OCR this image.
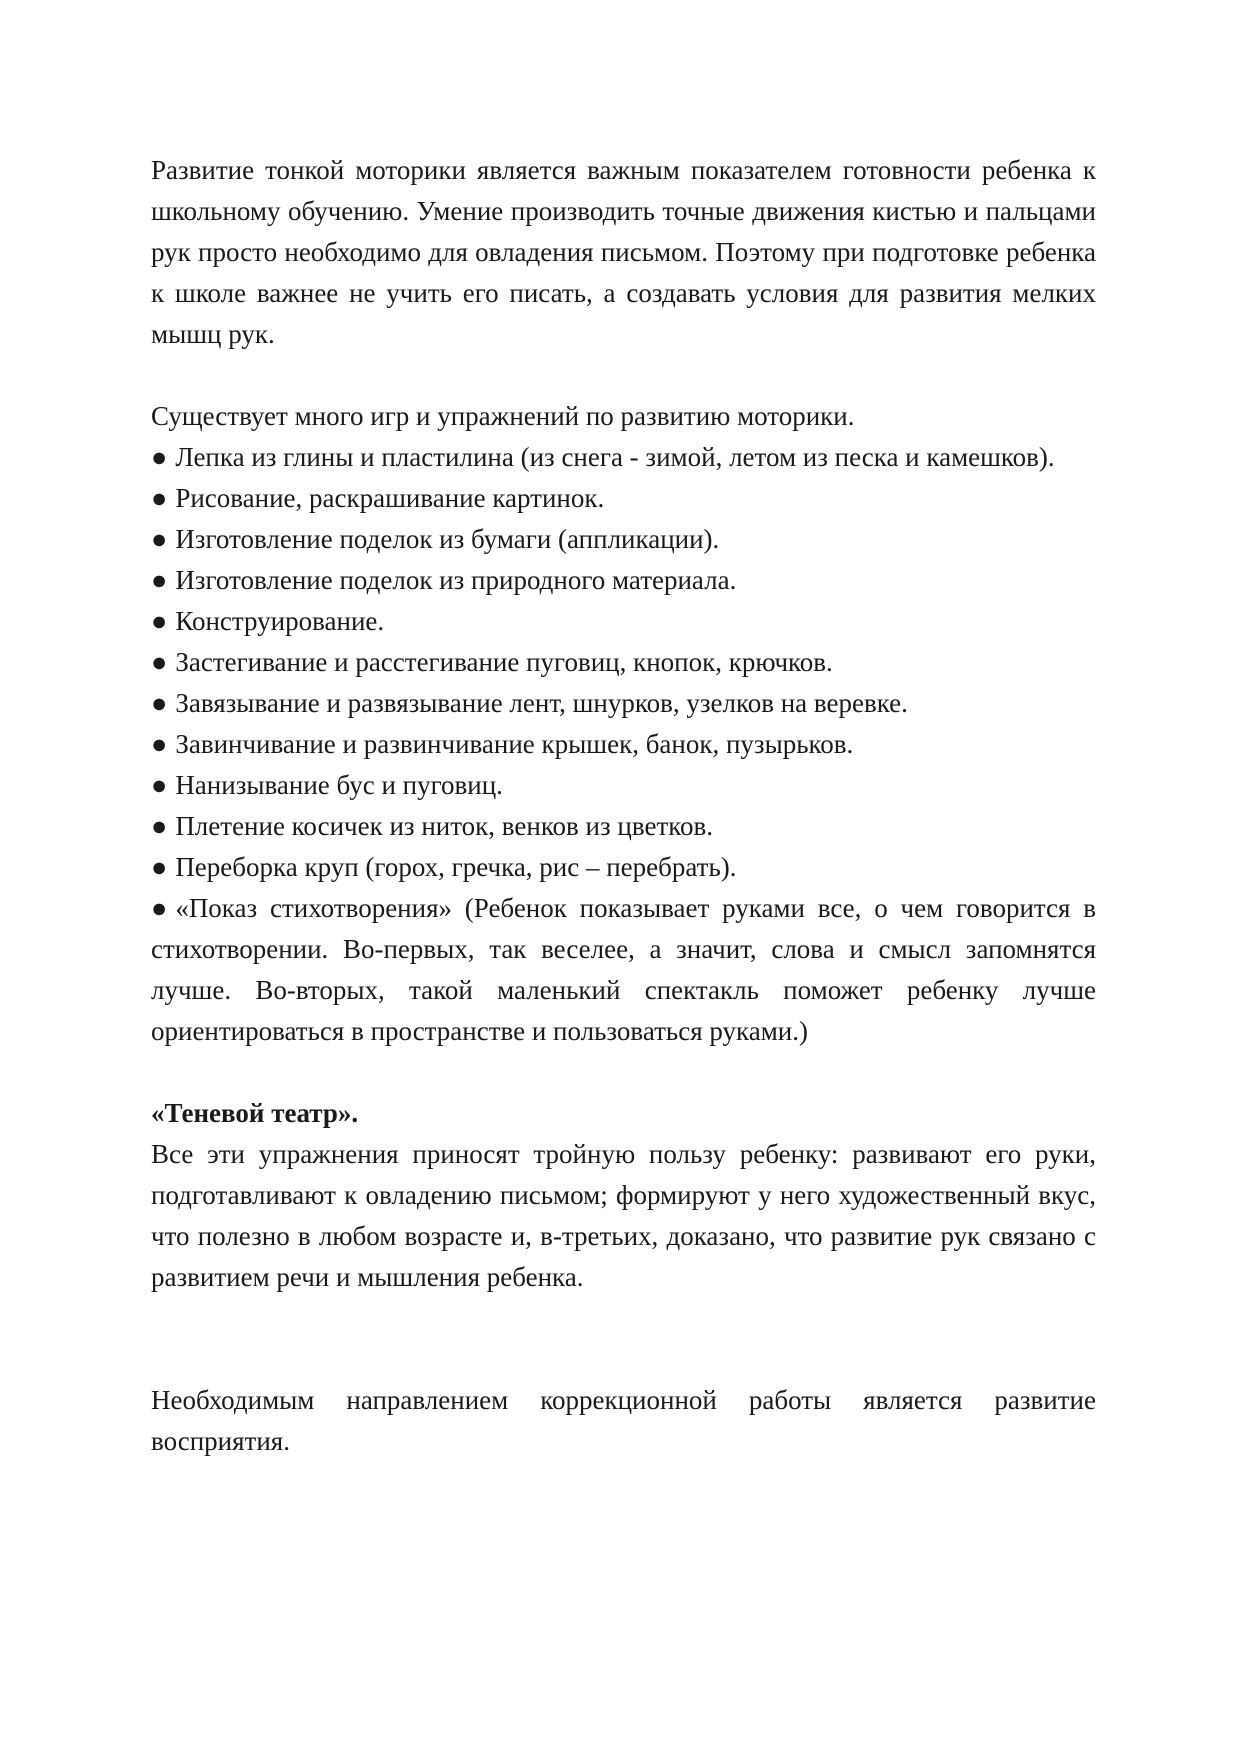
Развитие тонкой моторики является важным показателем готовности ребенка к школьному обучению. Умение производить точные движения кистью и пальцами рук просто необходимо для овладения письмом. Поэтому при подготовке ребенка к школе важнее не учить его писать, а создавать условия для развития мелких мышц рук.

Существует много игр и упражнений по развитию моторики.

● Лепка из глины и пластилина (из снега - зимой, летом из песка и камешков).
● Рисование, раскрашивание картинок.
● Изготовление поделок из бумаги (аппликации).
● Изготовление поделок из природного материала.
● Конструирование.
● Застегивание и расстегивание пуговиц, кнопок, крючков.
● Завязывание и развязывание лент, шнурков, узелков на веревке.
● Завинчивание и развинчивание крышек, банок, пузырьков.
● Нанизывание бус и пуговиц.
● Плетение косичек из ниток, венков из цветков.
● Переборка круп (горох, гречка, рис – перебрать).
● «Показ стихотворения» (Ребенок показывает руками все, о чем говорится в стихотворении. Во-первых, так веселее, а значит, слова и смысл запомнятся лучше. Во-вторых, такой маленький спектакль поможет ребенку лучше ориентироваться в пространстве и пользоваться руками.)

«Теневой театр».

Все эти упражнения приносят тройную пользу ребенку: развивают его руки, подготавливают к овладению письмом; формируют у него художественный вкус, что полезно в любом возрасте и, в-третьих, доказано, что развитие рук связано с развитием речи и мышления ребенка.

Необходимым направлением коррекционной работы является развитие восприятия.
